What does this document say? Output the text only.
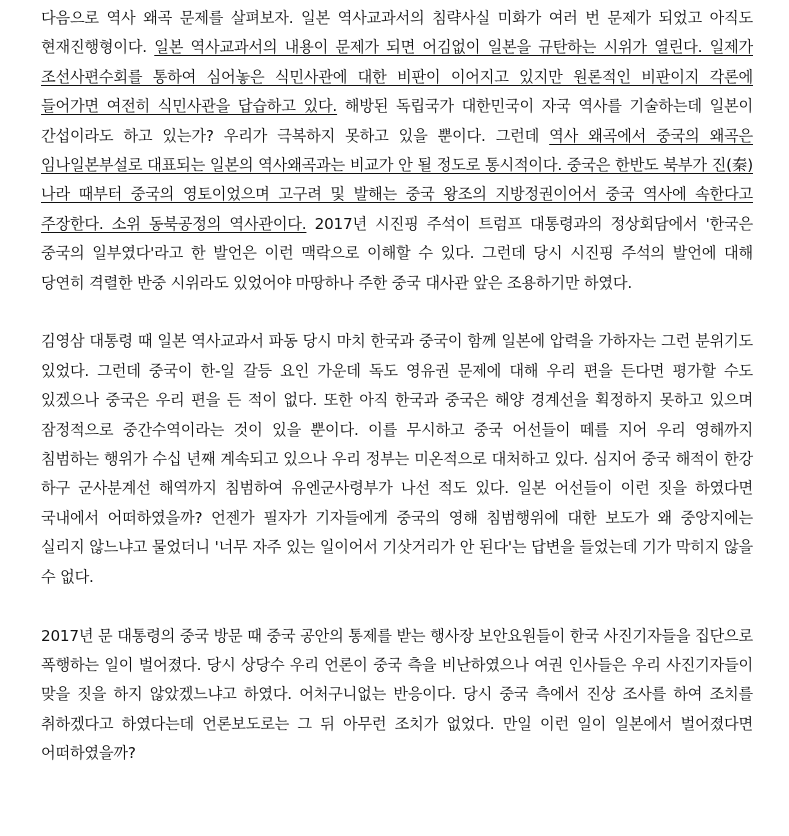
다음으로 역사 왜곡 문제를 살펴보자. 일본 역사교과서의 침략사실 미화가 여러 번 문제가 되었고 아직도 현재진행형이다. 일본 역사교과서의 내용이 문제가 되면 어김없이 일본을 규탄하는 시위가 열린다. 일제가 조선사편수회를 통하여 심어놓은 식민사관에 대한 비판이 이어지고 있지만 원론적인 비판이지 각론에 들어가면 여전히 식민사관을 답습하고 있다. 해방된 독립국가 대한민국이 자국 역사를 기술하는데 일본이 간섭이라도 하고 있는가? 우리가 극복하지 못하고 있을 뿐이다. 그런데 역사 왜곡에서 중국의 왜곡은 임나일본부설로 대표되는 일본의 역사왜곡과는 비교가 안 될 정도로 통시적이다. 중국은 한반도 북부가 진(秦)나라 때부터 중국의 영토이었으며 고구려 및 발해는 중국 왕조의 지방정권이어서 중국 역사에 속한다고 주장한다. 소위 동북공정의 역사관이다. 2017년 시진핑 주석이 트럼프 대통령과의 정상회담에서 '한국은 중국의 일부였다'라고 한 발언은 이런 맥락으로 이해할 수 있다. 그런데 당시 시진핑 주석의 발언에 대해 당연히 격렬한 반중 시위라도 있었어야 마땅하나 주한 중국 대사관 앞은 조용하기만 하였다.

김영삼 대통령 때 일본 역사교과서 파동 당시 마치 한국과 중국이 함께 일본에 압력을 가하자는 그런 분위기도 있었다. 그런데 중국이 한-일 갈등 요인 가운데 독도 영유권 문제에 대해 우리 편을 든다면 평가할 수도 있겠으나 중국은 우리 편을 든 적이 없다. 또한 아직 한국과 중국은 해양 경계선을 획정하지 못하고 있으며 잠정적으로 중간수역이라는 것이 있을 뿐이다. 이를 무시하고 중국 어선들이 떼를 지어 우리 영해까지 침범하는 행위가 수십 년째 계속되고 있으나 우리 정부는 미온적으로 대처하고 있다. 심지어 중국 해적이 한강 하구 군사분계선 해역까지 침범하여 유엔군사령부가 나선 적도 있다. 일본 어선들이 이런 짓을 하였다면 국내에서 어떠하였을까? 언젠가 필자가 기자들에게 중국의 영해 침범행위에 대한 보도가 왜 중앙지에는 실리지 않느냐고 물었더니 '너무 자주 있는 일이어서 기삿거리가 안 된다'는 답변을 들었는데 기가 막히지 않을 수 없다.

2017년 문 대통령의 중국 방문 때 중국 공안의 통제를 받는 행사장 보안요원들이 한국 사진기자들을 집단으로 폭행하는 일이 벌어졌다. 당시 상당수 우리 언론이 중국 측을 비난하였으나 여권 인사들은 우리 사진기자들이 맞을 짓을 하지 않았겠느냐고 하였다. 어처구니없는 반응이다. 당시 중국 측에서 진상 조사를 하여 조치를 취하겠다고 하였다는데 언론보도로는 그 뒤 아무런 조치가 없었다. 만일 이런 일이 일본에서 벌어졌다면 어떠하였을까?
